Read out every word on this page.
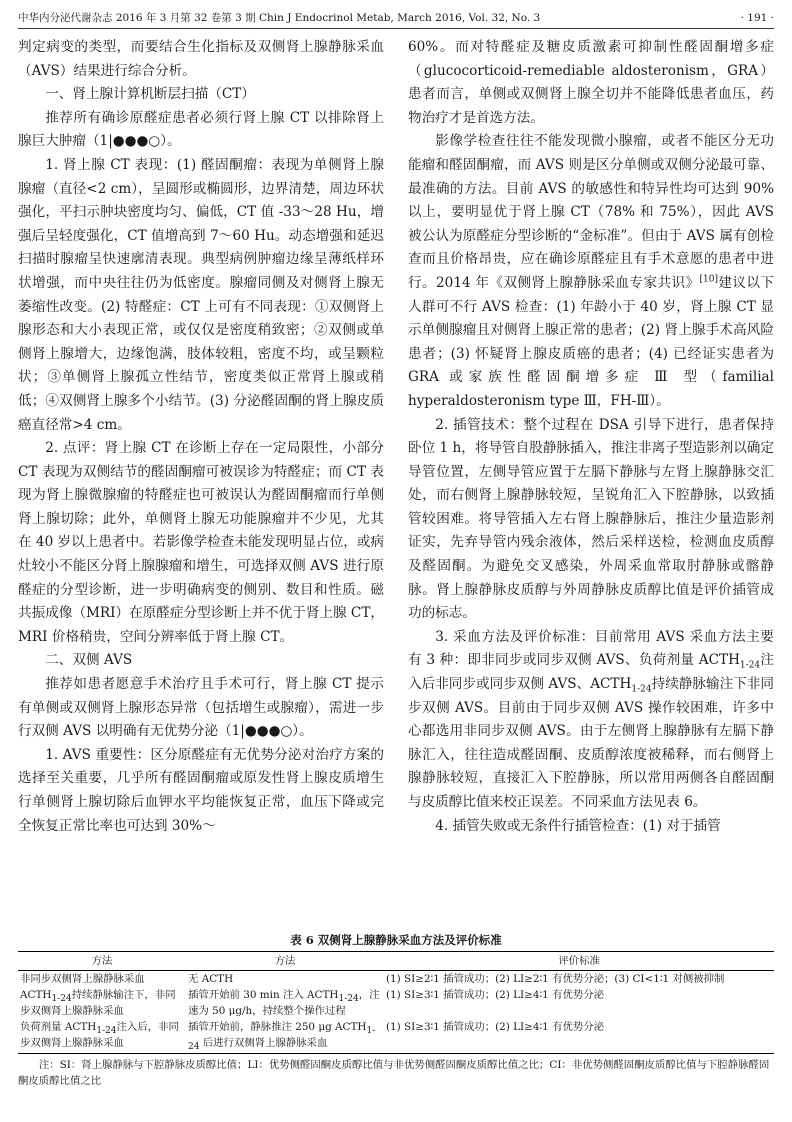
中华内分泌代谢杂志 2016 年 3 月第 32 卷第 3 期 Chin J Endocrinol Metab, March 2016, Vol. 32, No. 3	· 191 ·

判定病变的类型，而要结合生化指标及双侧肾上腺静脉采血（AVS）结果进行综合分析。

一、肾上腺计算机断层扫描（CT）

推荐所有确诊原醛症患者必须行肾上腺 CT 以排除肾上腺巨大肿瘤（1|●●●○）。

1. 肾上腺 CT 表现：(1) 醛固酮瘤：表现为单侧肾上腺腺瘤（直径<2 cm），呈圆形或椭圆形，边界清楚，周边环状强化，平扫示肿块密度均匀、偏低，CT 值 -33～28 Hu，增强后呈轻度强化，CT 值增高到 7～60 Hu。动态增强和延迟扫描时腺瘤呈快速廓清表现。典型病例肿瘤边缘呈薄纸样环状增强，而中央往往仍为低密度。腺瘤同侧及对侧肾上腺无萎缩性改变。(2) 特醛症：CT 上可有不同表现：①双侧肾上腺形态和大小表现正常，或仅仅是密度稍致密；②双侧或单侧肾上腺增大，边缘饱满，肢体较粗，密度不均，或呈颗粒状；③单侧肾上腺孤立性结节，密度类似正常肾上腺或稍低；④双侧肾上腺多个小结节。(3) 分泌醛固酮的肾上腺皮质癌直径常>4 cm。

2. 点评：肾上腺 CT 在诊断上存在一定局限性，小部分 CT 表现为双侧结节的醛固酮瘤可被误诊为特醛症；而 CT 表现为肾上腺微腺瘤的特醛症也可被误认为醛固酮瘤而行单侧肾上腺切除；此外，单侧肾上腺无功能腺瘤并不少见，尤其在 40 岁以上患者中。若影像学检查未能发现明显占位，或病灶较小不能区分肾上腺腺瘤和增生，可选择双侧 AVS 进行原醛症的分型诊断，进一步明确病变的侧别、数目和性质。磁共振成像（MRI）在原醛症分型诊断上并不优于肾上腺 CT，MRI 价格稍贵，空间分辨率低于肾上腺 CT。

二、双侧 AVS

推荐如患者愿意手术治疗且手术可行，肾上腺 CT 提示有单侧或双侧肾上腺形态异常（包括增生或腺瘤），需进一步行双侧 AVS 以明确有无优势分泌（1|●●●○）。

1. AVS 重要性：区分原醛症有无优势分泌对治疗方案的选择至关重要，几乎所有醛固酮瘤或原发性肾上腺皮质增生行单侧肾上腺切除后血钾水平均能恢复正常，血压下降或完全恢复正常比率也可达到 30%～

60%。而对特醛症及糖皮质激素可抑制性醛固酮增多症（glucocorticoid-remediable aldosteronism，GRA）患者而言，单侧或双侧肾上腺全切并不能降低患者血压，药物治疗才是首选方法。

影像学检查往往不能发现微小腺瘤，或者不能区分无功能瘤和醛固酮瘤，而 AVS 则是区分单侧或双侧分泌最可靠、最准确的方法。目前 AVS 的敏感性和特异性均可达到 90% 以上，要明显优于肾上腺 CT（78% 和 75%），因此 AVS 被公认为原醛症分型诊断的“金标准”。但由于 AVS 属有创检查而且价格昂贵，应在确诊原醛症且有手术意愿的患者中进行。2014 年《双侧肾上腺静脉采血专家共识》[10]建议以下人群可不行 AVS 检查：(1) 年龄小于 40 岁，肾上腺 CT 显示单侧腺瘤且对侧肾上腺正常的患者；(2) 肾上腺手术高风险患者；(3) 怀疑肾上腺皮质癌的患者；(4) 已经证实患者为 GRA 或家族性醛固酮增多症 Ⅲ 型（familial hyperaldosteronism type Ⅲ，FH-Ⅲ）。

2. 插管技术：整个过程在 DSA 引导下进行，患者保持卧位 1 h，将导管自股静脉插入，推注非离子型造影剂以确定导管位置，左侧导管应置于左膈下静脉与左肾上腺静脉交汇处，而右侧肾上腺静脉较短，呈锐角汇入下腔静脉，以致插管较困难。将导管插入左右肾上腺静脉后，推注少量造影剂证实，先弃导管内残余液体，然后采样送检，检测血皮质醇及醛固酮。为避免交叉感染，外周采血常取肘静脉或髂静脉。肾上腺静脉皮质醇与外周静脉皮质醇比值是评价插管成功的标志。

3. 采血方法及评价标准：目前常用 AVS 采血方法主要有 3 种：即非同步或同步双侧 AVS、负荷剂量 $ACTH_{1-24}$注入后非同步或同步双侧 AVS、$ACTH_{1-24}$持续静脉输注下非同步双侧 AVS。目前由于同步双侧 AVS 操作较困难，许多中心都选用非同步双侧 AVS。由于左侧肾上腺静脉有左膈下静脉汇入，往往造成醛固酮、皮质醇浓度被稀释，而右侧肾上腺静脉较短，直接汇入下腔静脉，所以常用两侧各自醛固酮与皮质醇比值来校正误差。不同采血方法见表 6。

4. 插管失败或无条件行插管检查：(1) 对于插管

表 6 双侧肾上腺静脉采血方法及评价标准
方法	方法	评价标准
非同步双侧肾上腺静脉采血	无 ACTH	(1) SI≥2∶1 插管成功；(2) LI≥2∶1 有优势分泌；(3) CI<1∶1 对侧被抑制
$ACTH_{1-24}$持续静脉输注下，非同步双侧肾上腺静脉采血	插管开始前 30 min 注入 $ACTH_{1-24}$，注速为 50 μg/h，持续整个操作过程	(1) SI≥3∶1 插管成功；(2) LI≥4∶1 有优势分泌
负荷剂量 $ACTH_{1-24}$注入后，非同步双侧肾上腺静脉采血	插管开始前，静脉推注 250 μg $ACTH_{1-24}$ 后进行双侧肾上腺静脉采血	(1) SI≥3∶1 插管成功；(2) LI≥4∶1 有优势分泌
注：SI：肾上腺静脉与下腔静脉皮质醇比值；LI：优势侧醛固酮皮质醇比值与非优势侧醛固酮皮质醇比值之比；CI：非优势侧醛固酮皮质醇比值与下腔静脉醛固酮皮质醇比值之比
